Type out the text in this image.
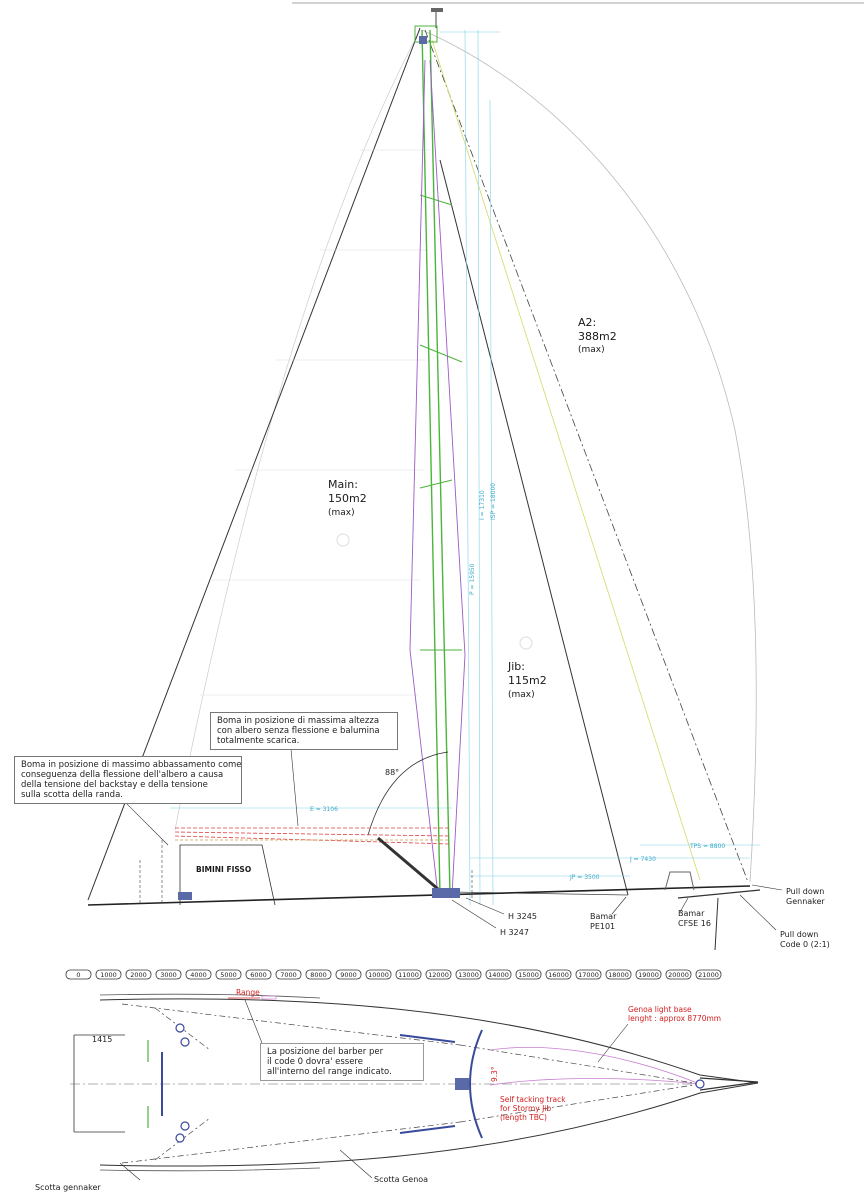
A2:
388m2
(max)
Main:
150m2
(max)
Jib:
115m2
(max)
E = 3106
J = 7430
JP = 3500
TPS = 8800
I = 17310
P = 15950
ISP = 18000
88°
BIMINI FISSO
H 3245
H 3247
Bamar
PE101
Bamar
CFSE 16
Pull down
Gennaker
Pull down
Code 0 (2:1)
0	1000 2000 3000 4000 5000 6000 7000 8000 9000 10000 11000 12000 13000 14000 15000 16000 17000 18000 19000 20000 21000
1415
Range
9.3°
Genoa light base
lenght : approx 8770mm
Self tacking track
for Stormy Jib
(length TBC)
Scotta gennaker
Scotta Genoa
Boma in posizione di massima altezza
con albero senza flessione e balumina
totalmente scarica.
Boma in posizione di massimo abbassamento come
conseguenza della flessione dell'albero a causa
della tensione del backstay e della tensione
sulla scotta della randa.
La posizione del barber per
il code 0 dovra' essere
all'interno del range indicato.
